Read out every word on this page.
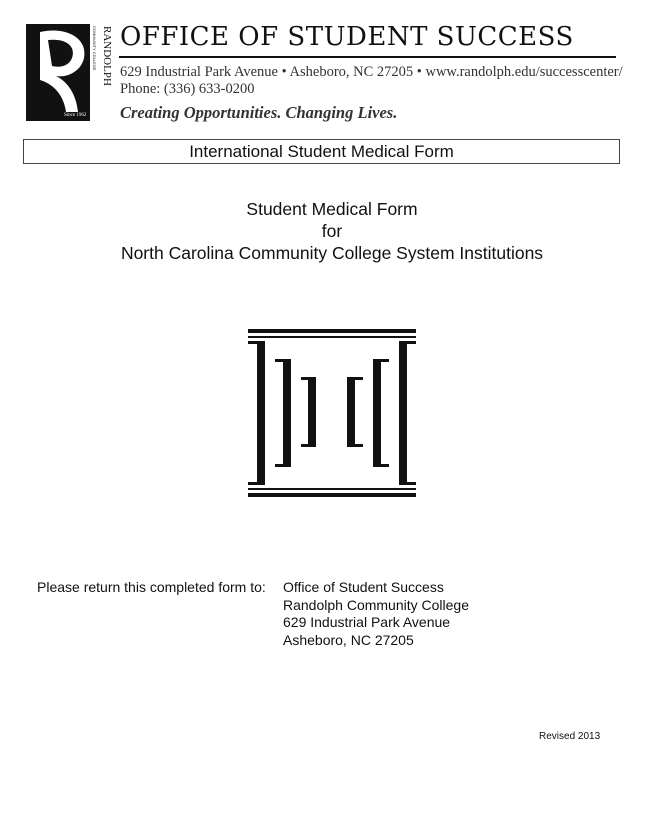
RANDOLPH
COMMUNITY COLLEGE
Since 1962
OFFICE OF STUDENT SUCCESS
629 Industrial Park Avenue • Asheboro, NC 27205 • www.randolph.edu/successcenter/
Phone: (336) 633-0200
Creating Opportunities. Changing Lives.
International Student Medical Form
Student Medical Form
for
North Carolina Community College System Institutions
Please return this completed form to: Office of Student Success
Randolph Community College
629 Industrial Park Avenue
Asheboro, NC 27205
Revised 2013
